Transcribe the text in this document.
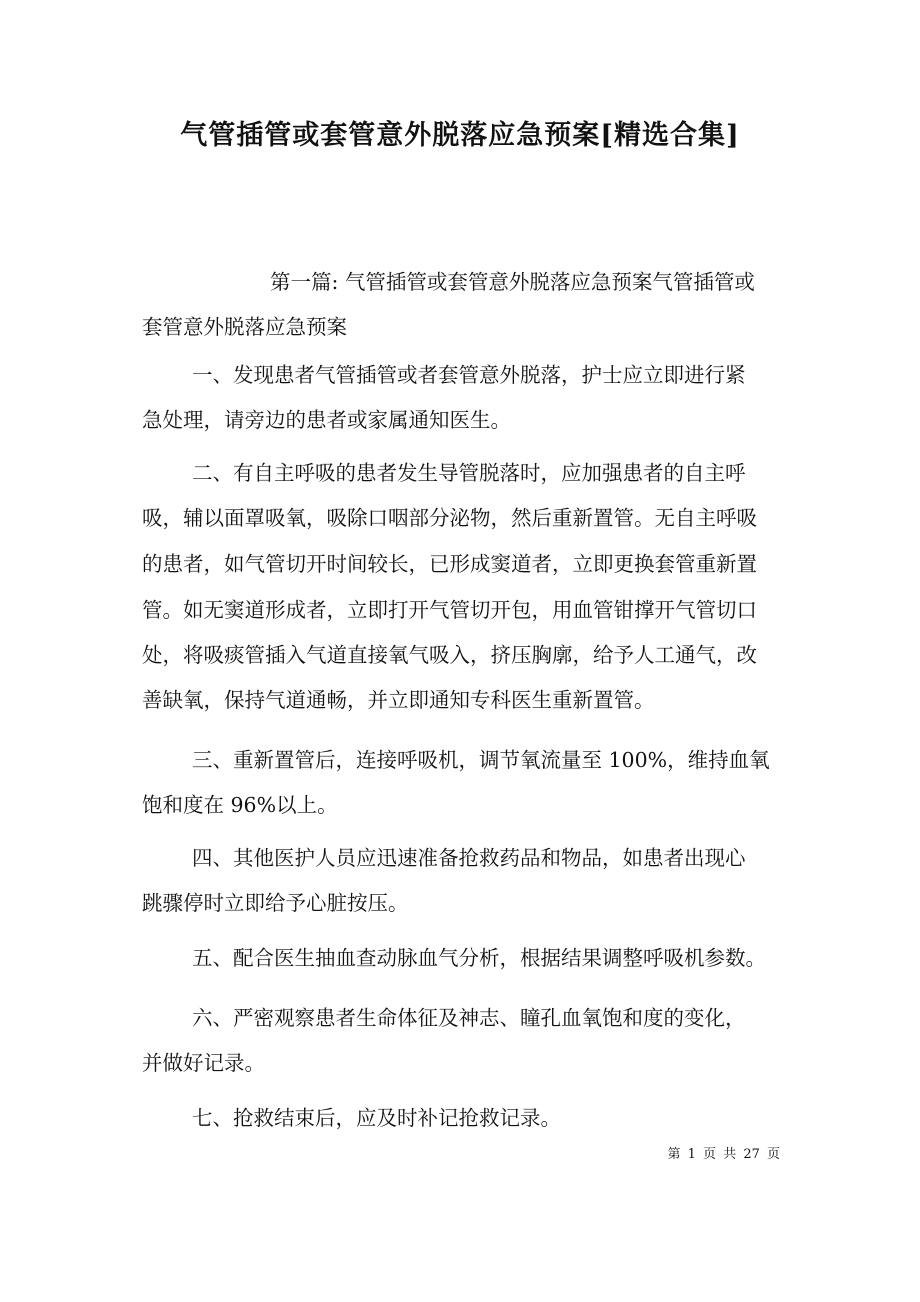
气管插管或套管意外脱落应急预案[精选合集]
第一篇: 气管插管或套管意外脱落应急预案气管插管或
套管意外脱落应急预案
一、发现患者气管插管或者套管意外脱落，护士应立即进行紧
急处理，请旁边的患者或家属通知医生。
二、有自主呼吸的患者发生导管脱落时，应加强患者的自主呼
吸，辅以面罩吸氧，吸除口咽部分泌物，然后重新置管。无自主呼吸
的患者，如气管切开时间较长，已形成窦道者，立即更换套管重新置
管。如无窦道形成者，立即打开气管切开包，用血管钳撑开气管切口
处，将吸痰管插入气道直接氧气吸入，挤压胸廓，给予人工通气，改
善缺氧，保持气道通畅，并立即通知专科医生重新置管。
三、重新置管后，连接呼吸机，调节氧流量至 100%，维持血氧
饱和度在 96%以上。
四、其他医护人员应迅速准备抢救药品和物品，如患者出现心
跳骤停时立即给予心脏按压。
五、配合医生抽血查动脉血气分析，根据结果调整呼吸机参数。
六、严密观察患者生命体征及神志、瞳孔血氧饱和度的变化，
并做好记录。
七、抢救结束后，应及时补记抢救记录。
第 1 页 共 27 页
